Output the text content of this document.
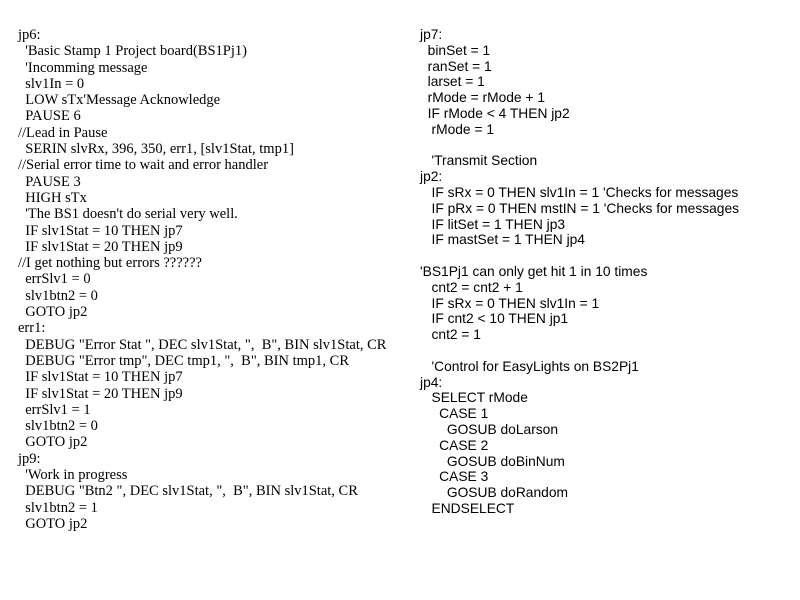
jp6:
'Basic Stamp 1 Project board(BS1Pj1)
'Incomming message
slv1In = 0
LOW sTx'Message Acknowledge
PAUSE 6
//Lead in Pause
SERIN slvRx, 396, 350, err1, [slv1Stat, tmp1]
//Serial error time to wait and error handler
PAUSE 3
HIGH sTx
'The BS1 doesn't do serial very well.
IF slv1Stat = 10 THEN jp7
IF slv1Stat = 20 THEN jp9
//I get nothing but errors ??????
errSlv1 = 0
slv1btn2 = 0
GOTO jp2
err1:
DEBUG "Error Stat ", DEC slv1Stat, ",  B", BIN slv1Stat, CR
DEBUG "Error tmp", DEC tmp1, ",  B", BIN tmp1, CR
IF slv1Stat = 10 THEN jp7
IF slv1Stat = 20 THEN jp9
errSlv1 = 1
slv1btn2 = 0
GOTO jp2
jp9:
'Work in progress
DEBUG "Btn2 ", DEC slv1Stat, ",  B", BIN slv1Stat, CR
slv1btn2 = 1
GOTO jp2
jp7:
binSet = 1
ranSet = 1
larset = 1
rMode = rMode + 1
IF rMode < 4 THEN jp2
rMode = 1
'Transmit Section
jp2:
IF sRx = 0 THEN slv1In = 1 'Checks for messages
IF pRx = 0 THEN mstIN = 1 'Checks for messages
IF litSet = 1 THEN jp3
IF mastSet = 1 THEN jp4
'BS1Pj1 can only get hit 1 in 10 times
cnt2 = cnt2 + 1
IF sRx = 0 THEN slv1In = 1
IF cnt2 < 10 THEN jp1
cnt2 = 1
'Control for EasyLights on BS2Pj1
jp4:
SELECT rMode
CASE 1
GOSUB doLarson
CASE 2
GOSUB doBinNum
CASE 3
GOSUB doRandom
ENDSELECT
